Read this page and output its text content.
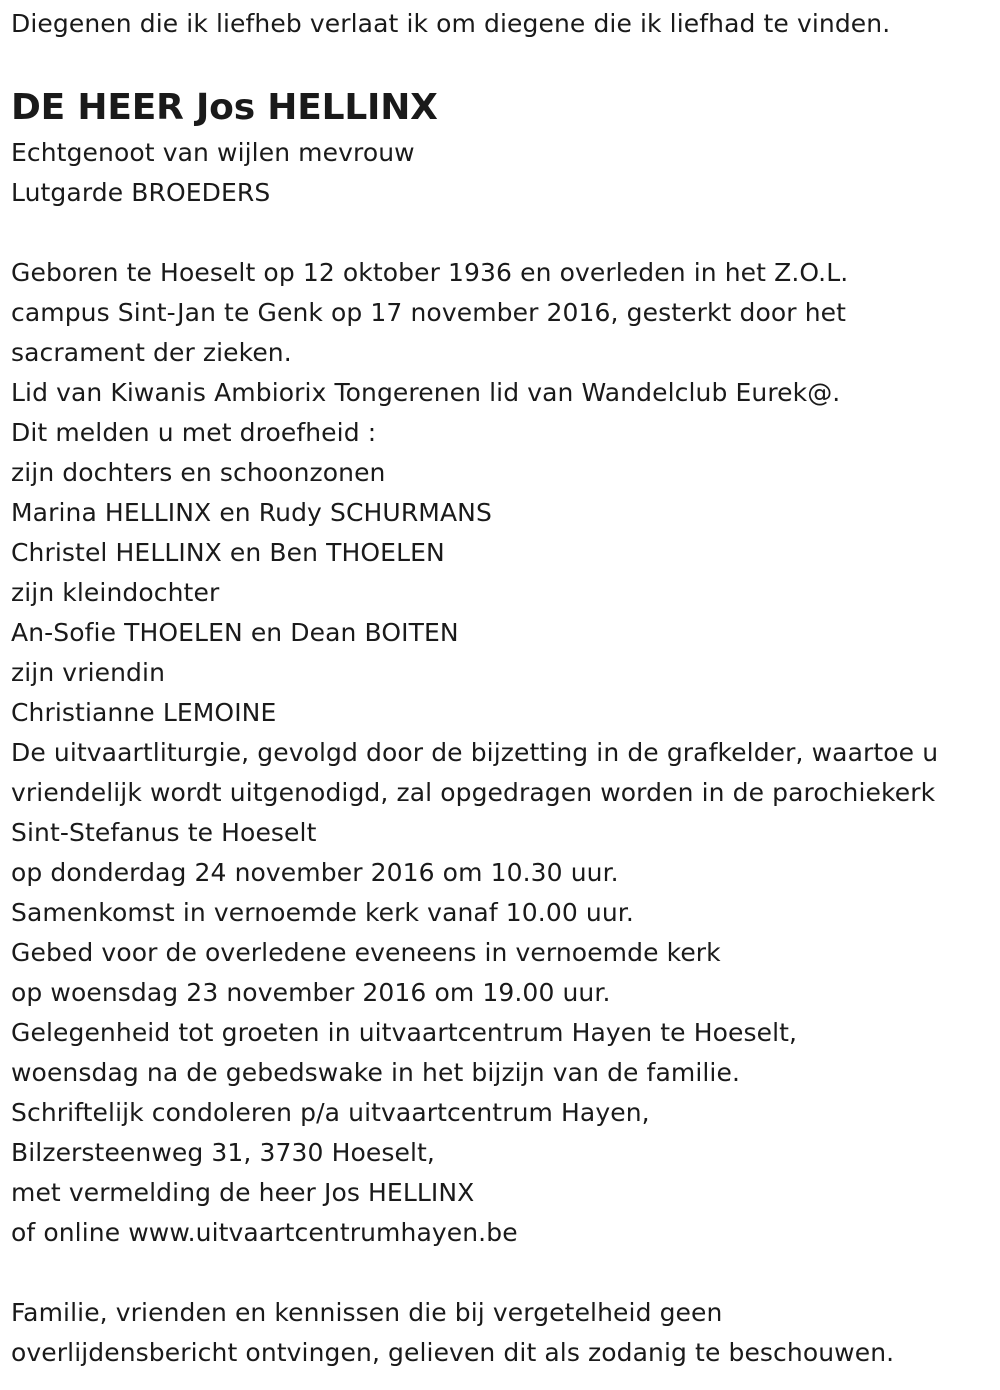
Diegenen die ik liefheb verlaat ik om diegene die ik liefhad te vinden.
DE HEER Jos HELLINX
Echtgenoot van wijlen mevrouw
Lutgarde BROEDERS
Geboren te Hoeselt op 12 oktober 1936 en overleden in het Z.O.L.
campus Sint-Jan te Genk op 17 november 2016, gesterkt door het
sacrament der zieken.
Lid van Kiwanis Ambiorix Tongerenen lid van Wandelclub Eurek@.
Dit melden u met droefheid :
zijn dochters en schoonzonen
Marina HELLINX en Rudy SCHURMANS
Christel HELLINX en Ben THOELEN
zijn kleindochter
An-Sofie THOELEN en Dean BOITEN
zijn vriendin
Christianne LEMOINE
De uitvaartliturgie, gevolgd door de bijzetting in de grafkelder, waartoe u
vriendelijk wordt uitgenodigd, zal opgedragen worden in de parochiekerk
Sint-Stefanus te Hoeselt
op donderdag 24 november 2016 om 10.30 uur.
Samenkomst in vernoemde kerk vanaf 10.00 uur.
Gebed voor de overledene eveneens in vernoemde kerk
op woensdag 23 november 2016 om 19.00 uur.
Gelegenheid tot groeten in uitvaartcentrum Hayen te Hoeselt,
woensdag na de gebedswake in het bijzijn van de familie.
Schriftelijk condoleren p/a uitvaartcentrum Hayen,
Bilzersteenweg 31, 3730 Hoeselt,
met vermelding de heer Jos HELLINX
of online www.uitvaartcentrumhayen.be
Familie, vrienden en kennissen die bij vergetelheid geen
overlijdensbericht ontvingen, gelieven dit als zodanig te beschouwen.
